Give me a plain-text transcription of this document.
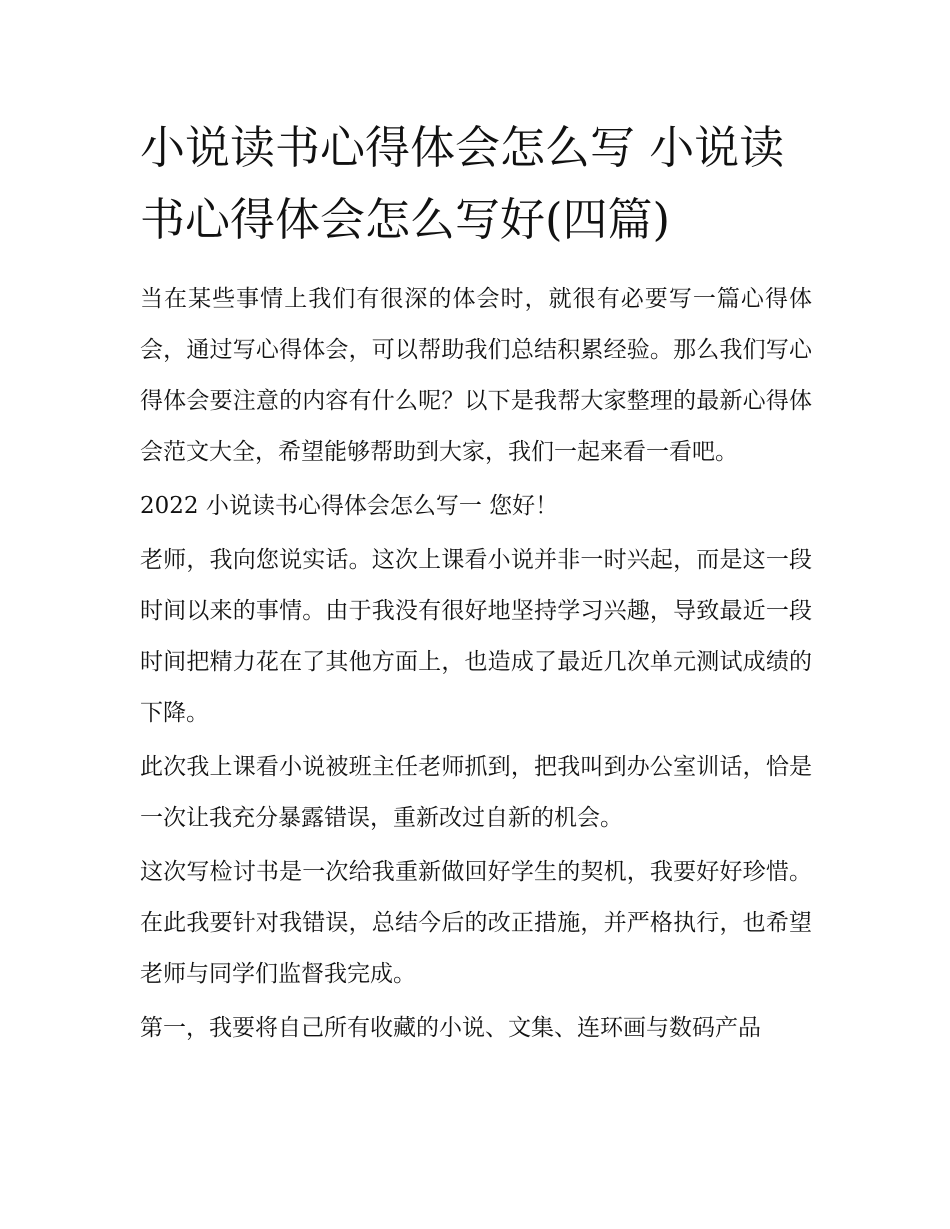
小说读书心得体会怎么写 小说读书心得体会怎么写好(四篇)

当在某些事情上我们有很深的体会时，就很有必要写一篇心得体会，通过写心得体会，可以帮助我们总结积累经验。那么我们写心得体会要注意的内容有什么呢？以下是我帮大家整理的最新心得体会范文大全，希望能够帮助到大家，我们一起来看一看吧。

2022 小说读书心得体会怎么写一 您好！

老师，我向您说实话。这次上课看小说并非一时兴起，而是这一段时间以来的事情。由于我没有很好地坚持学习兴趣，导致最近一段时间把精力花在了其他方面上，也造成了最近几次单元测试成绩的下降。

此次我上课看小说被班主任老师抓到，把我叫到办公室训话，恰是一次让我充分暴露错误，重新改过自新的机会。

这次写检讨书是一次给我重新做回好学生的契机，我要好好珍惜。在此我要针对我错误，总结今后的改正措施，并严格执行，也希望老师与同学们监督我完成。

第一，我要将自己所有收藏的小说、文集、连环画与数码产品
